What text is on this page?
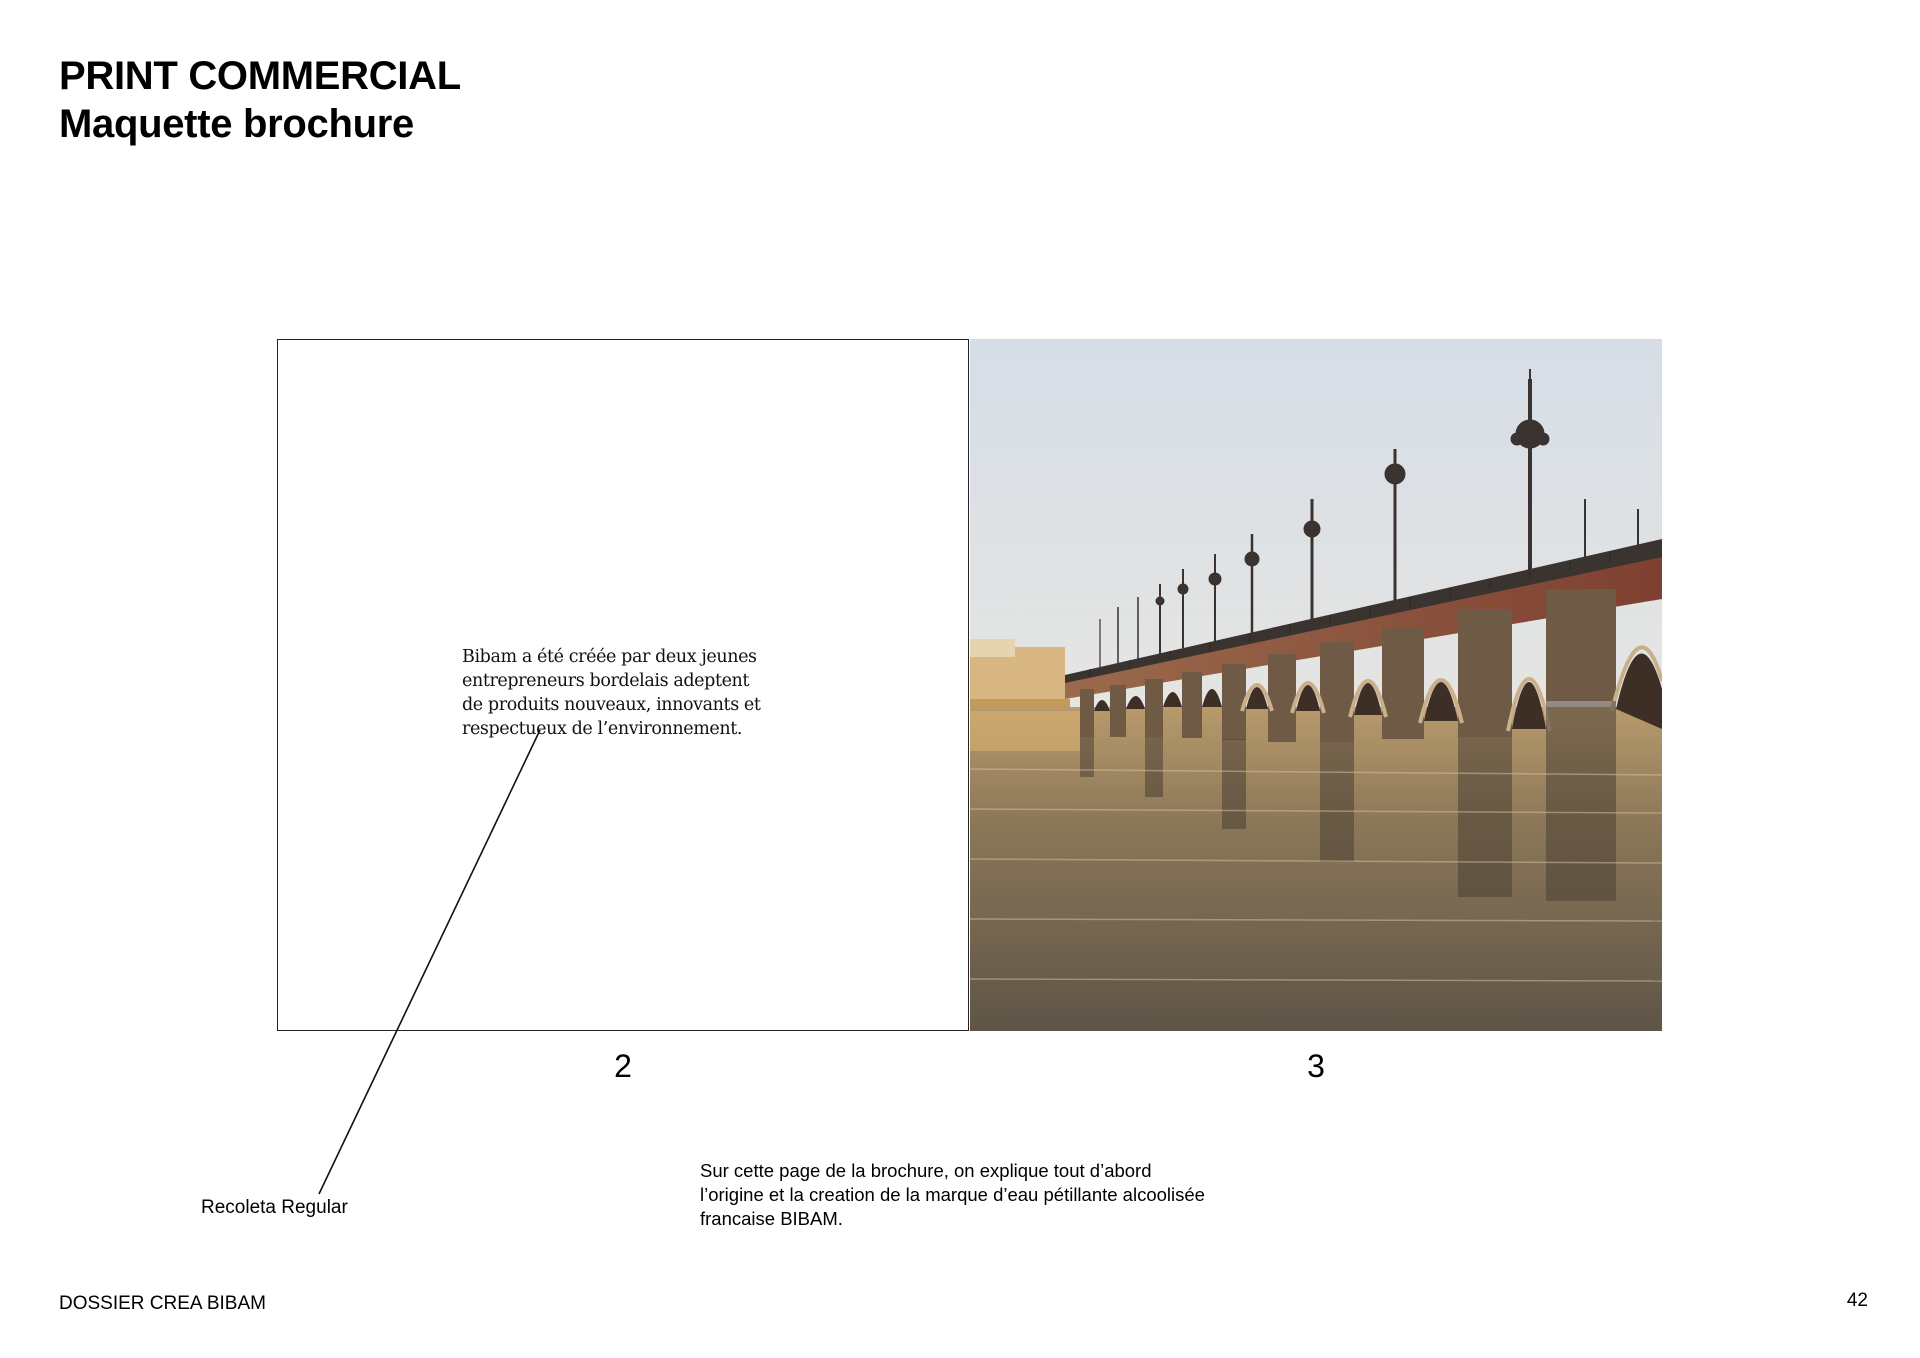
PRINT COMMERCIAL
Maquette brochure
Bibam a été créée par deux jeunes
entrepreneurs bordelais adeptent
de produits nouveaux, innovants et
respectueux de l’environnement.
2	3
Recoleta Regular
Sur cette page de la brochure, on explique tout d’abord
l’origine et la creation de la marque d’eau pétillante alcoolisée
francaise BIBAM.
DOSSIER CREA BIBAM	42
